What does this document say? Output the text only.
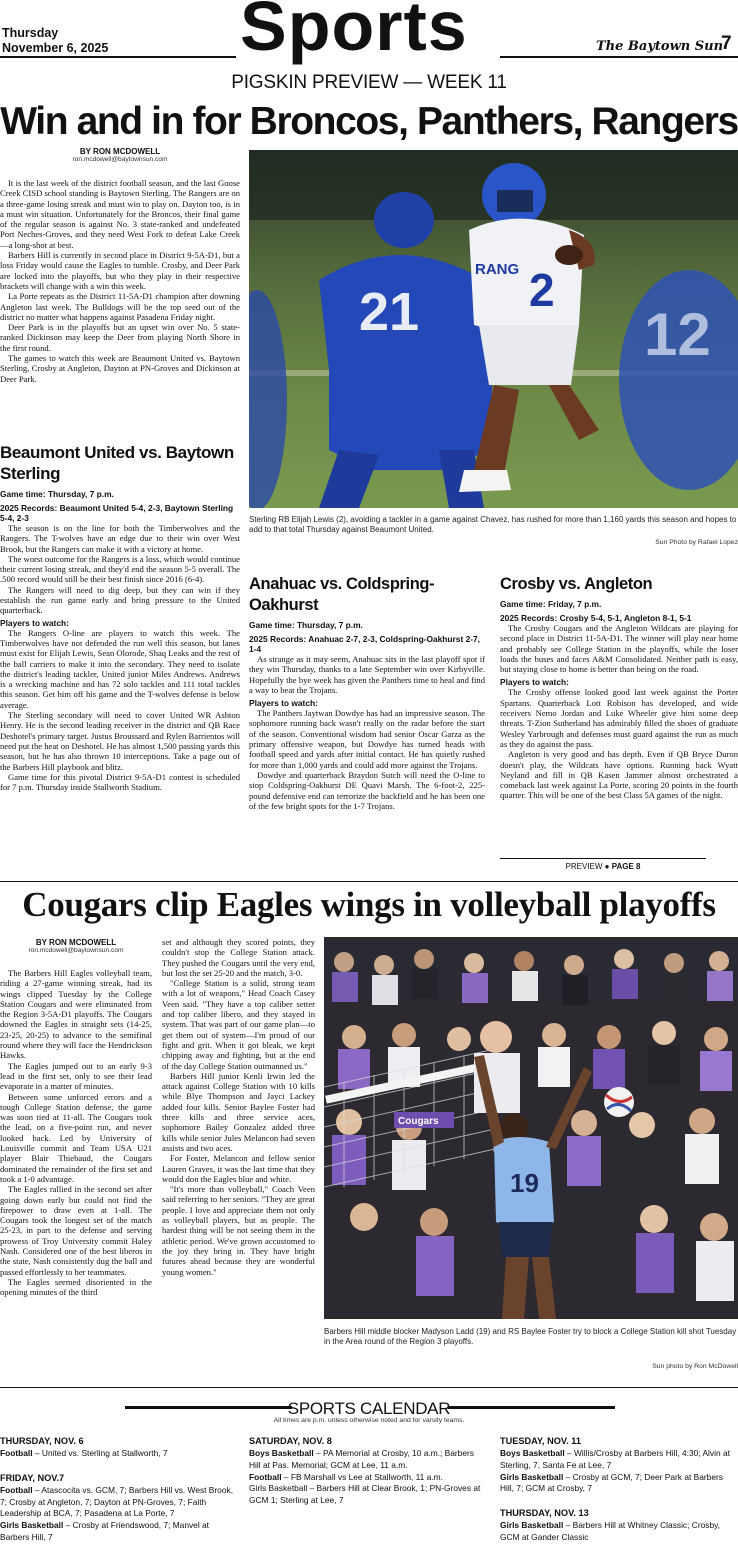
Thursday
November 6, 2025 Sports	The Baytown Sun
7
PIGSKIN PREVIEW — WEEK 11
Win and in for Broncos, Panthers, Rangers
BY RON MCDOWELL
ron.mcdowell@baytownsun.com

It is the last week of the district football season, and the last Goose Creek CISD school standing is Baytown Sterling. The Rangers are on a three-game losing streak and must win to play on. Dayton too, is in a must win situation. Unfortunately for the Broncos, their final game of the regular season is against No. 3 state-ranked and undefeated Port Neches-Groves, and they need West Fork to defeat Lake Creek—a long-shot at best.

Barbers Hill is currently in second place in District 9-5A-D1, but a loss Friday would cause the Eagles to tumble. Crosby, and Deer Park are locked into the playoffs, but who they play in their respective brackets will change with a win this week.

La Porte repeats as the District 11-5A-D1 champion after downing Angleton last week. The Bulldogs will be the top seed out of the district no matter what happens against Pasadena Friday night.

Deer Park is in the playoffs but an upset win over No. 5 state-ranked Dickinson may keep the Deer from playing North Shore in the first round.

The games to watch this week are Beaumont United vs. Baytown Sterling, Crosby at Angleton, Dayton at PN-Groves and Dickinson at Deer Park.

Beaumont United vs. Baytown Sterling
Game time: Thursday, 7 p.m.
2025 Records: Beaumont United 5-4, 2-3, Baytown Sterling 5-4, 2-3

The season is on the line for both the Timberwolves and the Rangers. The T-wolves have an edge due to their win over West Brook, but the Rangers can make it with a victory at home.

The worst outcome for the Rangers is a loss, which would continue their current losing streak, and they'd end the season 5-5 overall. The .500 record would still be their best finish since 2016 (6-4).

The Rangers will need to dig deep, but they can win if they establish the run game early and bring pressure to the United quarterback.

Players to watch:

The Rangers O-line are players to watch this week. The Timberwolves have not defended the run well this season, but lanes must exist for Elijah Lewis, Sean Olorode, Shaq Leaks and the rest of the ball carriers to make it into the secondary. They need to isolate the district's leading tackler, United junior Miles Andrews. Andrews is a wrecking machine and has 72 solo tackles and 111 total tackles this season. Get him off his game and the T-wolves defense is below average.

The Sterling secondary will need to cover United WR Ashton Henry. He is the second leading receiver in the district and QB Race Deshotel's primary target. Justus Broussard and Rylen Barrientos will need put the heat on Deshotel. He has almost 1,500 passing yards this season, but he has also thrown 10 interceptions. Take a page out of the Barbers Hill playbook and blitz.

Game time for this pivotal District 9-5A-D1 contest is scheduled for 7 p.m. Thursday inside Stallworth Stadium.

12
21
RANG 2
Sterling RB Elijah Lewis (2), avoiding a tackler in a game against Chavez, has rushed for more than 1,160 yards this season and hopes to add to that total Thursday against Beaumont United.
Sun Photo by Rafael Lopez
Anahuac vs. Coldspring-Oakhurst
Game time: Thursday, 7 p.m.
2025 Records: Anahuac 2-7, 2-3, Coldspring-Oakhurst 2-7, 1-4

As strange as it may seem, Anahuac sits in the last playoff spot if they win Thursday, thanks to a late September win over Kirbyville. Hopefully the bye week has given the Panthers time to heal and find a way to beat the Trojans.

Players to watch:

The Panthers Jaytwan Dowdye has had an impressive season. The sophomore running back wasn't really on the radar before the start of the season. Conventional wisdom had senior Oscar Garza as the primary offensive weapon, but Dowdye has turned heads with football speed and yards after initial contact. He has quietly rushed for more than 1,000 yards and could add more against the Trojans.

Dowdye and quarterback Braydon Sutch will need the O-line to stop Coldspring-Oakhurst DE Quavi Marsh. The 6-foot-2, 225-pound defensive end can terrorize the backfield and he has been one of the few bright spots for the 1-7 Trojans.

Crosby vs. Angleton
Game time: Friday, 7 p.m.
2025 Records: Crosby 5-4, 5-1, Angleton 8-1, 5-1

The Crosby Cougars and the Angleton Wildcats are playing for second place in District 11-5A-D1. The winner will play near home and probably see College Station in the playoffs, while the loser loads the buses and faces A&M Consolidated. Neither path is easy, but staying close to home is better than being on the road.

Players to watch:

The Crosby offense looked good last week against the Porter Spartans. Quarterback Lott Robison has developed, and wide receivers Nemo Jordan and Luke Wheeler give him some deep threats. T-Zion Sutherland has admirably filled the shoes of graduate Wesley Yarbrough and defenses must guard against the run as much as they do against the pass.

Angleton is very good and has depth. Even if QB Bryce Duron doesn't play, the Wildcats have options. Running back Wyatt Neyland and fill in QB Kasen Jammer almost orchestrated a comeback last week against La Porte, scoring 20 points in the fourth quarter. This will be one of the best Class 5A games of the night.

PREVIEW ● PAGE 8
Cougars clip Eagles wings in volleyball playoffs
BY RON MCDOWELL
ron.mcdowell@baytownsun.com

The Barbers Hill Eagles volleyball team, riding a 27-game winning streak, had its wings clipped Tuesday by the College Station Cougars and were eliminated from the Region 3-5A-D1 playoffs. The Cougars downed the Eagles in straight sets (14-25, 23-25, 20-25) to advance to the semifinal round where they will face the Hendrickson Hawks.

The Eagles jumped out to an early 9-3 lead in the first set, only to see their lead evaporate in a matter of minutes.

Between some unforced errors and a tough College Station defense, the game was soon tied at 11-all. The Cougars took the lead, on a five-point run, and never looked back. Led by University of Louisville commit and Team USA U21 player Blair Thiebaud, the Cougars dominated the remainder of the first set and took a 1-0 advantage.

The Eagles rallied in the second set after going down early but could not find the firepower to draw even at 1-all. The Cougars took the longest set of the match 25-23, in part to the defense and serving prowess of Troy University commit Haley Nash. Considered one of the best liberos in the state, Nash consistently dug the ball and passed effortlessly to her teammates.

The Eagles seemed disoriented in the opening minutes of the third

set and although they scored points, they couldn't stop the College Station attack. They pushed the Cougars until the very end, but lost the set 25-20 and the match, 3-0.

"College Station is a solid, strong team with a lot of weapons," Head Coach Casey Veen said. "They have a top caliber setter and top caliber libero, and they stayed in system. That was part of our game plan—to get them out of system—I'm proud of our fight and grit. When it got bleak, we kept chipping away and fighting, but at the end of the day College Station outmanned us."

Barbers Hill junior Kenli Irwin led the attack against College Station with 10 kills while Blye Thompson and Jayci Lackey added four kills. Senior Baylee Foster had three kills and three service aces, sophomore Bailey Gonzalez added three kills while senior Jules Melancon had seven assists and two aces.

For Foster, Melancon and fellow senior Lauren Graves, it was the last time that they would don the Eagles blue and white.

"It's more than volleyball," Coach Veen said referring to her seniors. "They are great people. I love and appreciate them not only as volleyball players, but as people. The hardest thing will be not seeing them in the athletic period. We've grown accustomed to the joy they bring in. They have bright futures ahead because they are wonderful young women."

Cougars
19
Barbers Hill middle blocker Madyson Ladd (19) and RS Baylee Foster try to block a College Station kill shot Tuesday in the Area round of the Region 3 playoffs.
Sun photo by Ron McDowell
SPORTS CALENDAR
All times are p.m. unless otherwise noted and for varsity teams.
THURSDAY, NOV. 6
Football – United vs. Sterling at Stallworth, 7
FRIDAY, NOV.7
Football – Atascocita vs. GCM, 7; Barbers Hill vs. West Brook, 7; Crosby at Angleton, 7; Dayton at PN-Groves, 7; Faith Leadership at BCA, 7; Pasadena at La Porte, 7
Girls Basketball – Crosby at Friendswood, 7; Manvel at Barbers Hill, 7
SATURDAY, NOV. 8
Boys Basketball – PA Memorial at Crosby, 10 a.m.; Barbers Hill at Pas. Memorial; GCM at Lee, 11 a.m.
Football – FB Marshall vs Lee at Stallworth, 11 a.m.
Girls Basketball – Barbers Hill at Clear Brook, 1; PN-Groves at GCM 1; Sterling at Lee, 7
TUESDAY, NOV. 11
Boys Basketball – Willis/Crosby at Barbers Hill, 4:30; Alvin at Sterling, 7, Santa Fe at Lee, 7
Girls Basketball – Crosby at GCM, 7; Deer Park at Barbers Hill, 7; GCM at Crosby, 7
THURSDAY, NOV. 13
Girls Basketball – Barbers Hill at Whitney Classic; Crosby, GCM at Gander Classic
